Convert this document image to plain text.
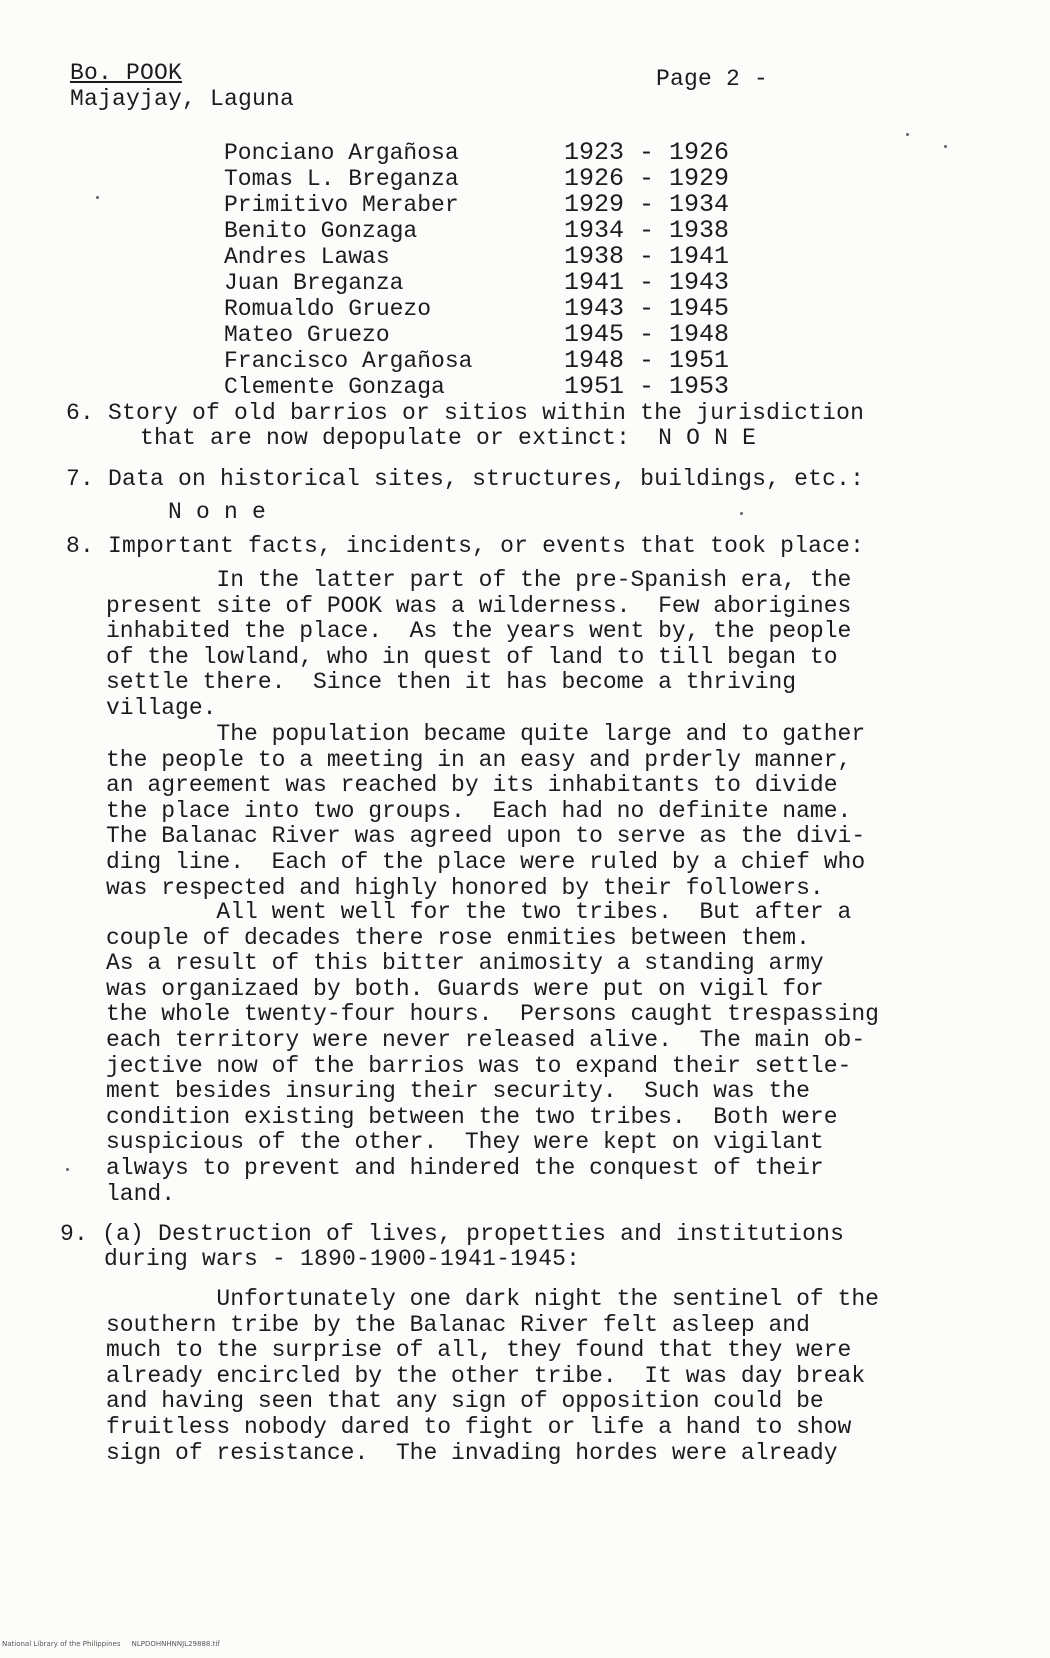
Bo. POOK
Majayjay, Laguna
Page 2 -
Ponciano Argañosa	1923 - 1926
Tomas L. Breganza	1926 - 1929
Primitivo Meraber	1929 - 1934
Benito Gonzaga	1934 - 1938
Andres Lawas	1938 - 1941
Juan Breganza	1941 - 1943
Romualdo Gruezo	1943 - 1945
Mateo Gruezo	1945 - 1948
Francisco Argañosa	1948 - 1951
Clemente Gonzaga	1951 - 1953
6. Story of old barrios or sitios within the jurisdiction
that are now depopulate or extinct:  N O N E
7. Data on historical sites, structures, buildings, etc.:
N o n e
8. Important facts, incidents, or events that took place:
In the latter part of the pre-Spanish era, the
present site of POOK was a wilderness.  Few aborigines
inhabited the place.  As the years went by, the people
of the lowland, who in quest of land to till began to
settle there.  Since then it has become a thriving
village.
The population became quite large and to gather
the people to a meeting in an easy and prderly manner,
an agreement was reached by its inhabitants to divide
the place into two groups.  Each had no definite name.
The Balanac River was agreed upon to serve as the divi-
ding line.  Each of the place were ruled by a chief who
was respected and highly honored by their followers.
All went well for the two tribes.  But after a
couple of decades there rose enmities between them.
As a result of this bitter animosity a standing army
was organizaed by both. Guards were put on vigil for
the whole twenty-four hours.  Persons caught trespassing
each territory were never released alive.  The main ob-
jective now of the barrios was to expand their settle-
ment besides insuring their security.  Such was the
condition existing between the two tribes.  Both were
suspicious of the other.  They were kept on vigilant
always to prevent and hindered the conquest of their
land.
9. (a) Destruction of lives, propetties and institutions
during wars - 1890-1900-1941-1945:
Unfortunately one dark night the sentinel of the
southern tribe by the Balanac River felt asleep and
much to the surprise of all, they found that they were
already encircled by the other tribe.  It was day break
and having seen that any sign of opposition could be
fruitless nobody dared to fight or life a hand to show
sign of resistance.  The invading hordes were already
National Library of the Philippines     NLPDOHNHNNJL29888.tif
